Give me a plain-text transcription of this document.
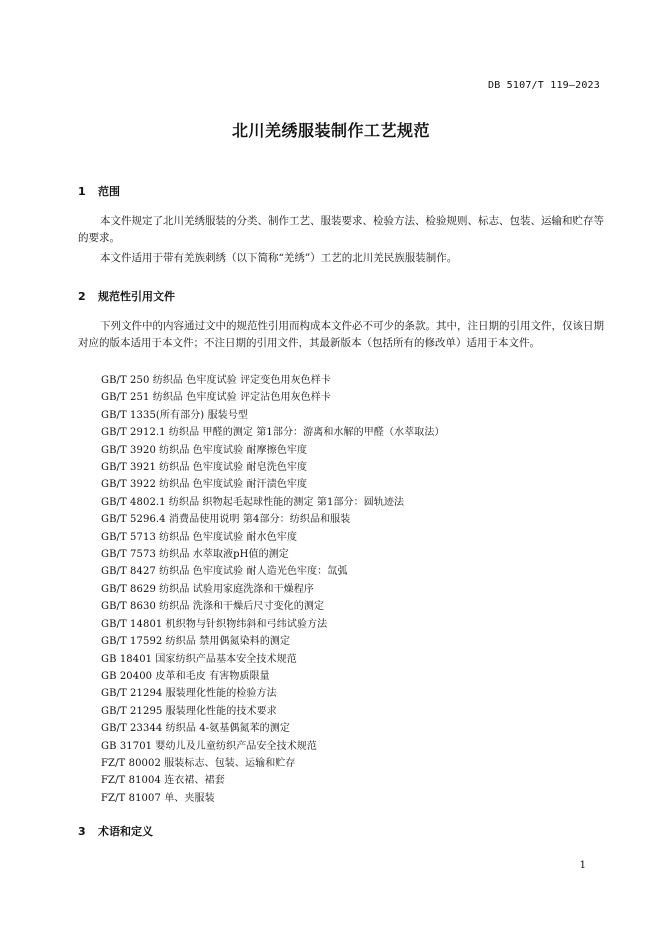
DB 5107/T 119—2023
北川羌绣服装制作工艺规范
1 范围
本文件规定了北川羌绣服装的分类、制作工艺、服装要求、检验方法、检验规则、标志、包装、运输和贮存等的要求。
本文件适用于带有羌族刺绣（以下简称“羌绣”）工艺的北川羌民族服装制作。
2 规范性引用文件
下列文件中的内容通过文中的规范性引用而构成本文件必不可少的条款。其中，注日期的引用文件，仅该日期对应的版本适用于本文件；不注日期的引用文件，其最新版本（包括所有的修改单）适用于本文件。
GB/T 250 纺织品 色牢度试验 评定变色用灰色样卡
GB/T 251 纺织品 色牢度试验 评定沾色用灰色样卡
GB/T 1335(所有部分) 服装号型
GB/T 2912.1 纺织品 甲醛的测定 第1部分：游离和水解的甲醛（水萃取法）
GB/T 3920 纺织品 色牢度试验 耐摩擦色牢度
GB/T 3921 纺织品 色牢度试验 耐皂洗色牢度
GB/T 3922 纺织品 色牢度试验 耐汗渍色牢度
GB/T 4802.1 纺织品 织物起毛起球性能的测定 第1部分：圆轨迹法
GB/T 5296.4 消费品使用说明 第4部分：纺织品和服装
GB/T 5713 纺织品 色牢度试验 耐水色牢度
GB/T 7573 纺织品 水萃取液pH值的测定
GB/T 8427 纺织品 色牢度试验 耐人造光色牢度：氙弧
GB/T 8629 纺织品 试验用家庭洗涤和干燥程序
GB/T 8630 纺织品 洗涤和干燥后尺寸变化的测定
GB/T 14801 机织物与针织物纬斜和弓纬试验方法
GB/T 17592 纺织品 禁用偶氮染料的测定
GB 18401 国家纺织产品基本安全技术规范
GB 20400 皮革和毛皮 有害物质限量
GB/T 21294 服装理化性能的检验方法
GB/T 21295 服装理化性能的技术要求
GB/T 23344 纺织品 4-氨基偶氮苯的测定
GB 31701 婴幼儿及儿童纺织产品安全技术规范
FZ/T 80002 服装标志、包装、运输和贮存
FZ/T 81004 连衣裙、裙套
FZ/T 81007 单、夹服装
3 术语和定义
1
